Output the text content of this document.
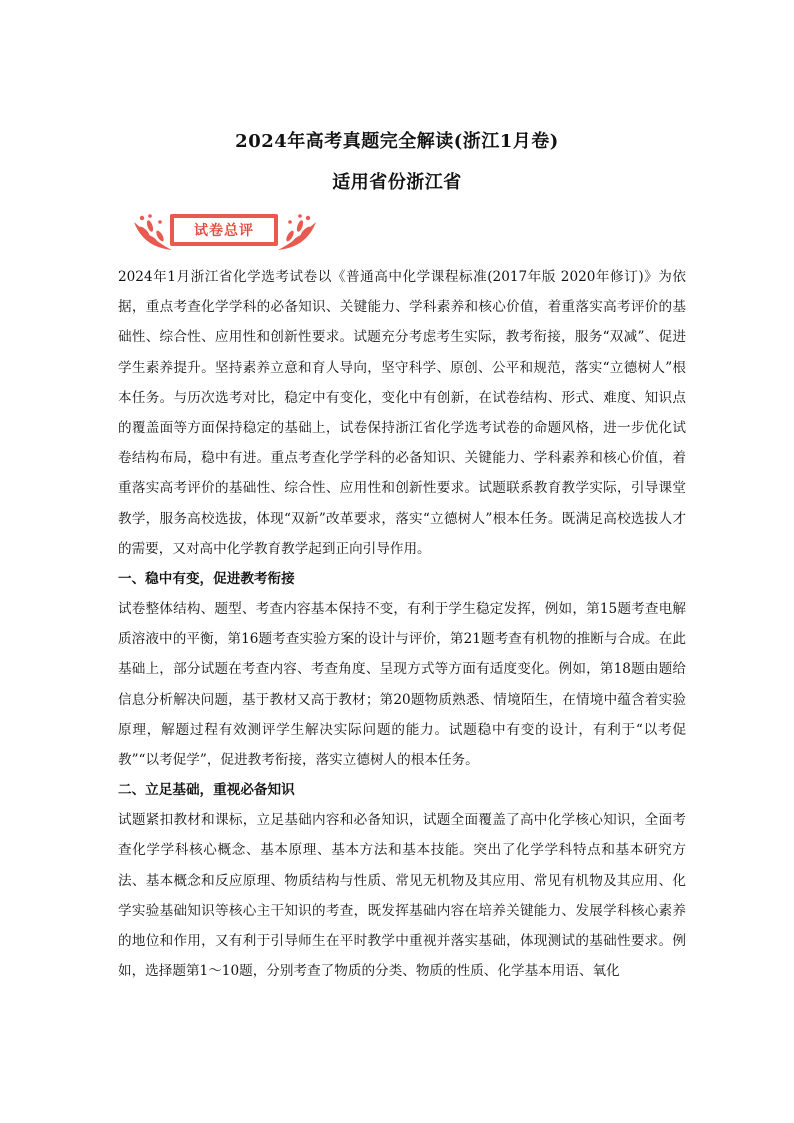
2024年高考真题完全解读(浙江1月卷)
适用省份浙江省
试卷总评

2024年1月浙江省化学选考试卷以《普通高中化学课程标准(2017年版 2020年修订)》为依据，重点考查化学学科的必备知识、关键能力、学科素养和核心价值，着重落实高考评价的基础性、综合性、应用性和创新性要求。试题充分考虑考生实际，教考衔接，服务“双减”、促进学生素养提升。坚持素养立意和育人导向，坚守科学、原创、公平和规范，落实“立德树人”根本任务。与历次选考对比，稳定中有变化，变化中有创新，在试卷结构、形式、难度、知识点的覆盖面等方面保持稳定的基础上，试卷保持浙江省化学选考试卷的命题风格，进一步优化试卷结构布局，稳中有进。重点考查化学学科的必备知识、关键能力、学科素养和核心价值，着重落实高考评价的基础性、综合性、应用性和创新性要求。试题联系教育教学实际，引导课堂教学，服务高校选拔，体现“双新”改革要求，落实“立德树人”根本任务。既满足高校选拔人才的需要，又对高中化学教育教学起到正向引导作用。

一、稳中有变，促进教考衔接

试卷整体结构、题型、考查内容基本保持不变，有利于学生稳定发挥，例如，第15题考查电解质溶液中的平衡，第16题考查实验方案的设计与评价，第21题考查有机物的推断与合成。在此基础上，部分试题在考查内容、考查角度、呈现方式等方面有适度变化。例如，第18题由题给信息分析解决问题，基于教材又高于教材；第20题物质熟悉、情境陌生，在情境中蕴含着实验原理，解题过程有效测评学生解决实际问题的能力。试题稳中有变的设计，有利于“以考促教”“以考促学”，促进教考衔接，落实立德树人的根本任务。

二、立足基础，重视必备知识

试题紧扣教材和课标，立足基础内容和必备知识，试题全面覆盖了高中化学核心知识，全面考查化学学科核心概念、基本原理、基本方法和基本技能。突出了化学学科特点和基本研究方法、基本概念和反应原理、物质结构与性质、常见无机物及其应用、常见有机物及其应用、化学实验基础知识等核心主干知识的考查，既发挥基础内容在培养关键能力、发展学科核心素养的地位和作用，又有利于引导师生在平时教学中重视并落实基础，体现测试的基础性要求。例如，选择题第1～10题，分别考查了物质的分类、物质的性质、化学基本用语、氧化
